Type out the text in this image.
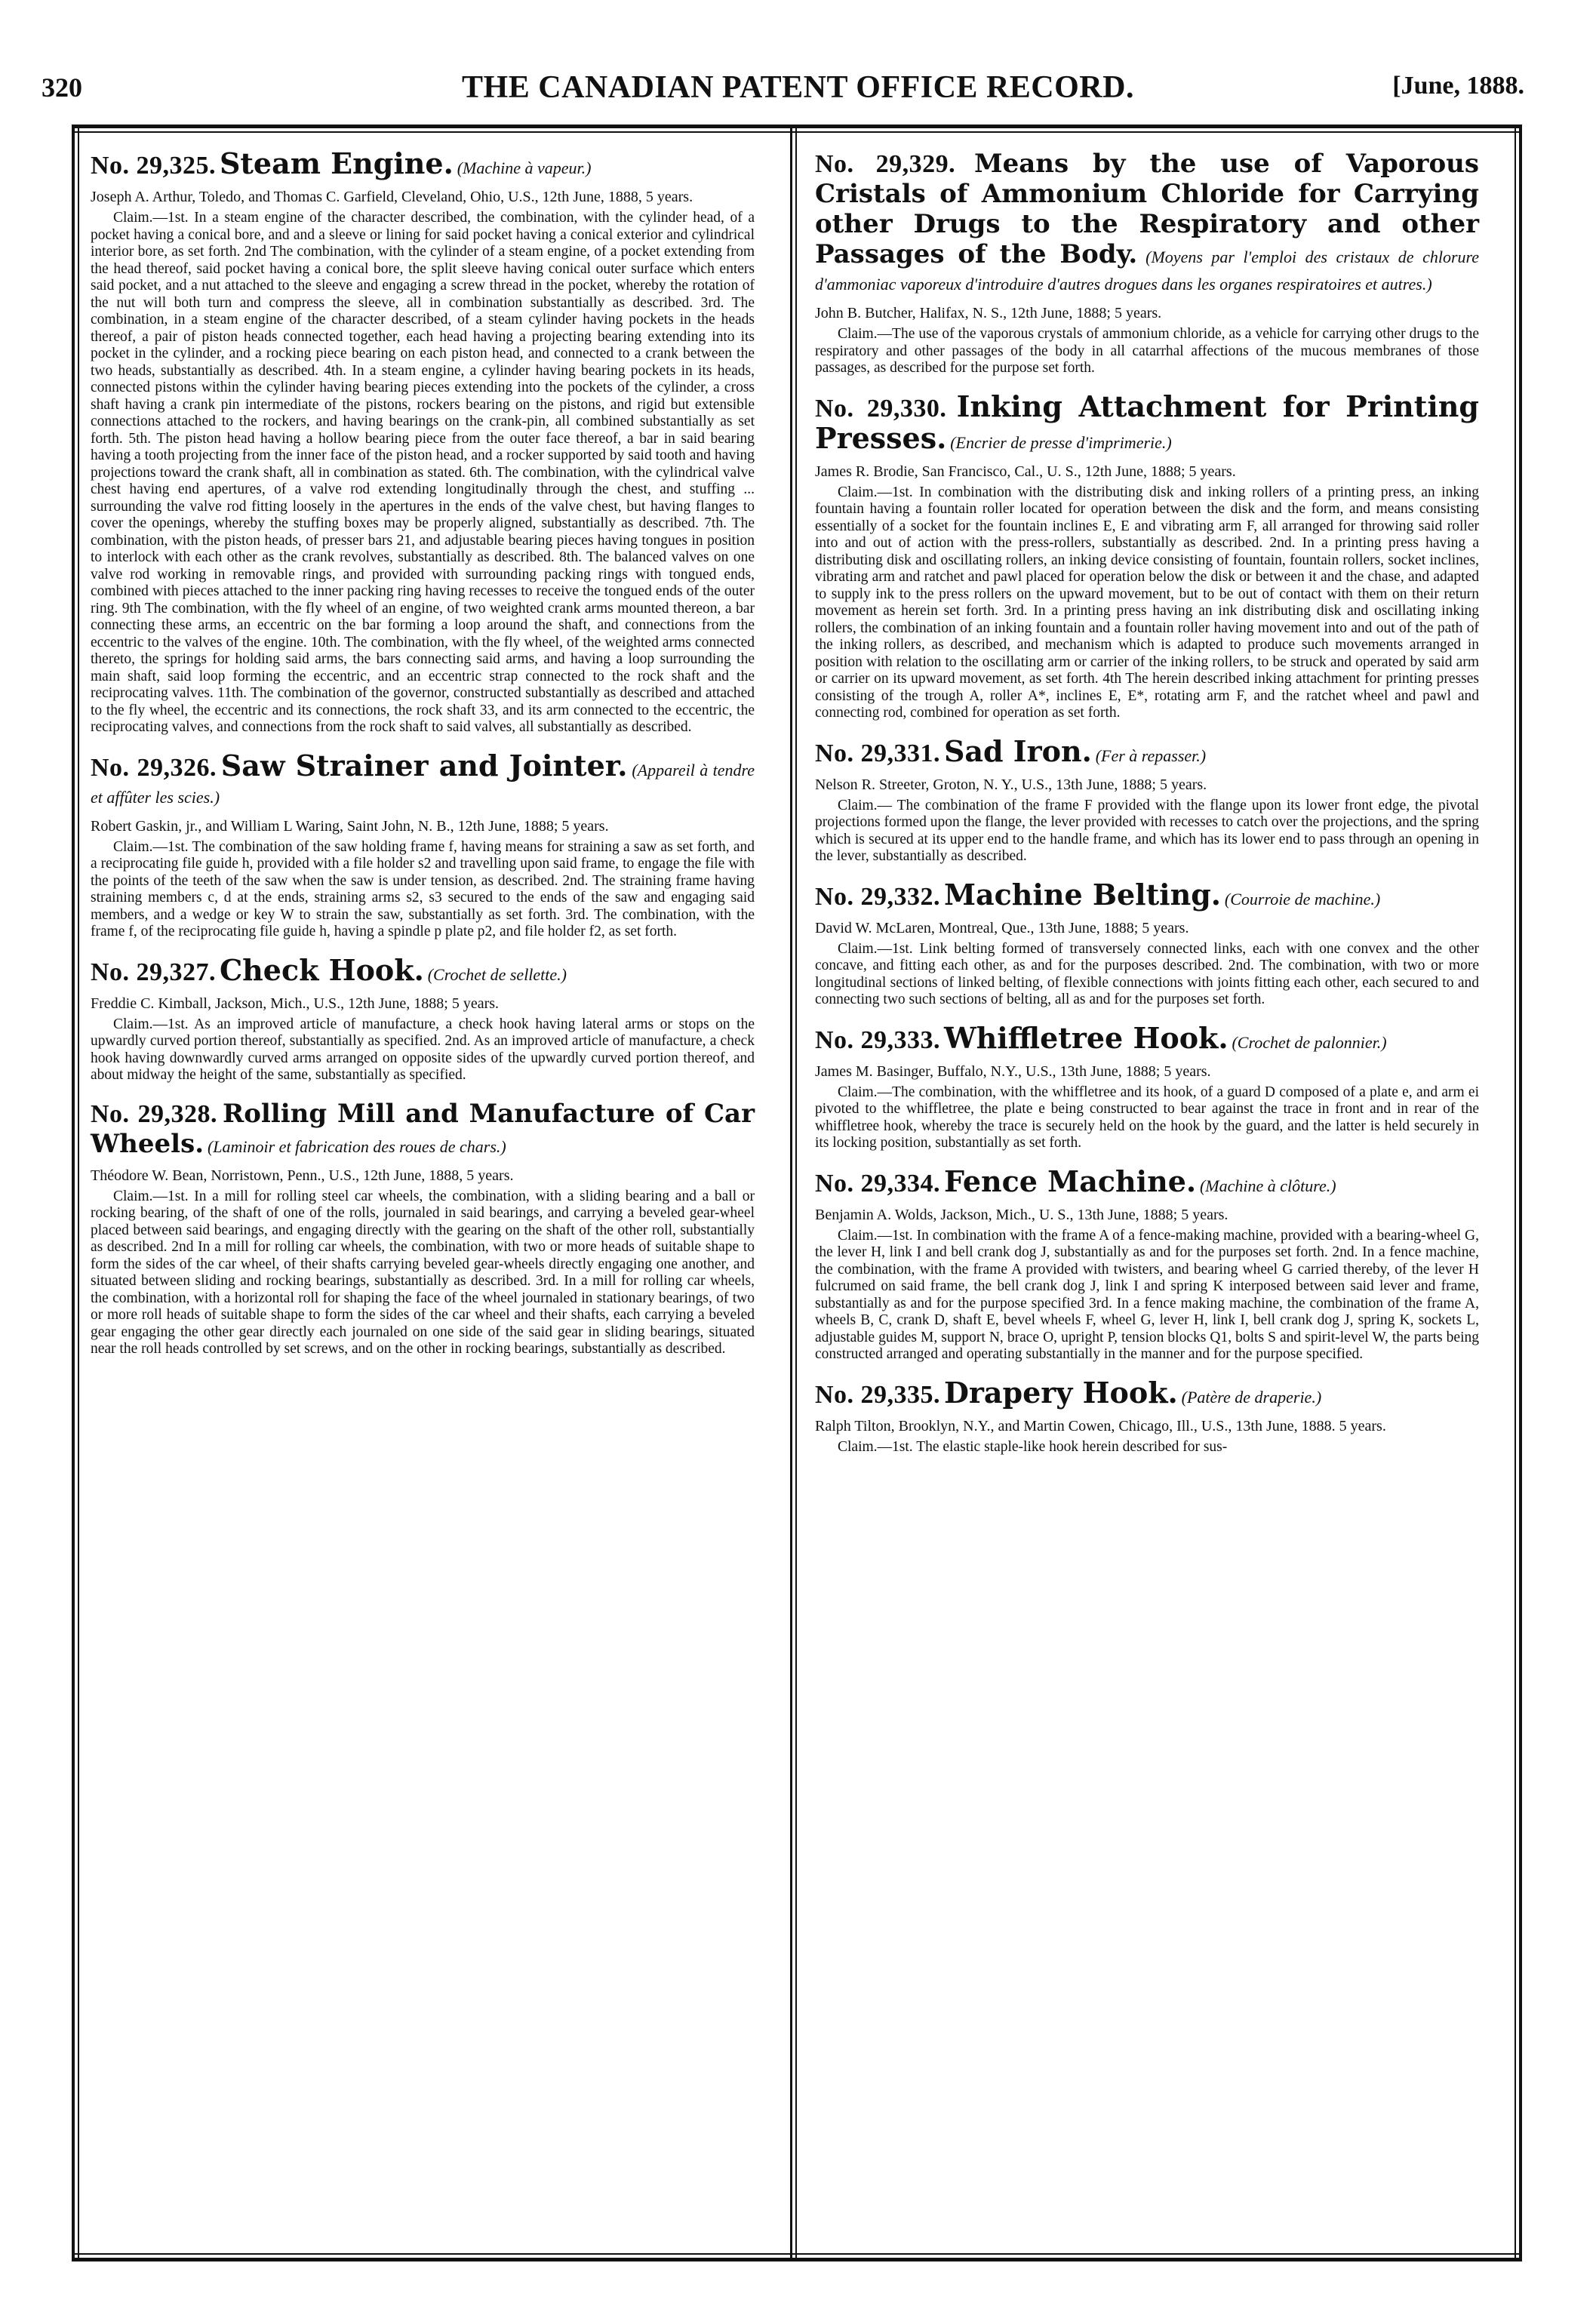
320	THE CANADIAN PATENT OFFICE RECORD.	[June, 1888.
No. 29,325. Steam Engine. (Machine à vapeur.)
Joseph A. Arthur, Toledo, and Thomas C. Garfield, Cleveland, Ohio, U.S., 12th June, 1888, 5 years.

Claim.—1st. In a steam engine of the character described, the combination, with the cylinder head, of a pocket having a conical bore, and and a sleeve or lining for said pocket having a conical exterior and cylindrical interior bore, as set forth. 2nd The combination, with the cylinder of a steam engine, of a pocket extending from the head thereof, said pocket having a conical bore, the split sleeve having conical outer surface which enters said pocket, and a nut attached to the sleeve and engaging a screw thread in the pocket, whereby the rotation of the nut will both turn and compress the sleeve, all in combination substantially as described. 3rd. The combination, in a steam engine of the character described, of a steam cylinder having pockets in the heads thereof, a pair of piston heads connected together, each head having a projecting bearing extending into its pocket in the cylinder, and a rocking piece bearing on each piston head, and connected to a crank between the two heads, substantially as described. 4th. In a steam engine, a cylinder having bearing pockets in its heads, connected pistons within the cylinder having bearing pieces extending into the pockets of the cylinder, a cross shaft having a crank pin intermediate of the pistons, rockers bearing on the pistons, and rigid but extensible connections attached to the rockers, and having bearings on the crank-pin, all combined substantially as set forth. 5th. The piston head having a hollow bearing piece from the outer face thereof, a bar in said bearing having a tooth projecting from the inner face of the piston head, and a rocker supported by said tooth and having projections toward the crank shaft, all in combination as stated. 6th. The combination, with the cylindrical valve chest having end apertures, of a valve rod extending longitudinally through the chest, and stuffing ... surrounding the valve rod fitting loosely in the apertures in the ends of the valve chest, but having flanges to cover the openings, whereby the stuffing boxes may be properly aligned, substantially as described. 7th. The combination, with the piston heads, of presser bars 21, and adjustable bearing pieces having tongues in position to interlock with each other as the crank revolves, substantially as described. 8th. The balanced valves on one valve rod working in removable rings, and provided with surrounding packing rings with tongued ends, combined with pieces attached to the inner packing ring having recesses to receive the tongued ends of the outer ring. 9th The combination, with the fly wheel of an engine, of two weighted crank arms mounted thereon, a bar connecting these arms, an eccentric on the bar forming a loop around the shaft, and connections from the eccentric to the valves of the engine. 10th. The combination, with the fly wheel, of the weighted arms connected thereto, the springs for holding said arms, the bars connecting said arms, and having a loop surrounding the main shaft, said loop forming the eccentric, and an eccentric strap connected to the rock shaft and the reciprocating valves. 11th. The combination of the governor, constructed substantially as described and attached to the fly wheel, the eccentric and its connections, the rock shaft 33, and its arm connected to the eccentric, the reciprocating valves, and connections from the rock shaft to said valves, all substantially as described.

No. 29,326. Saw Strainer and Jointer. (Appareil à tendre et affûter les scies.)
Robert Gaskin, jr., and William L Waring, Saint John, N. B., 12th June, 1888; 5 years.

Claim.—1st. The combination of the saw holding frame f, having means for straining a saw as set forth, and a reciprocating file guide h, provided with a file holder s2 and travelling upon said frame, to engage the file with the points of the teeth of the saw when the saw is under tension, as described. 2nd. The straining frame having straining members c, d at the ends, straining arms s2, s3 secured to the ends of the saw and engaging said members, and a wedge or key W to strain the saw, substantially as set forth. 3rd. The combination, with the frame f, of the reciprocating file guide h, having a spindle p plate p2, and file holder f2, as set forth.

No. 29,327. Check Hook. (Crochet de sellette.)
Freddie C. Kimball, Jackson, Mich., U.S., 12th June, 1888; 5 years.

Claim.—1st. As an improved article of manufacture, a check hook having lateral arms or stops on the upwardly curved portion thereof, substantially as specified. 2nd. As an improved article of manufacture, a check hook having downwardly curved arms arranged on opposite sides of the upwardly curved portion thereof, and about midway the height of the same, substantially as specified.

No. 29,328. Rolling Mill and Manufacture of Car Wheels. (Laminoir et fabrication des roues de chars.)
Théodore W. Bean, Norristown, Penn., U.S., 12th June, 1888, 5 years.

Claim.—1st. In a mill for rolling steel car wheels, the combination, with a sliding bearing and a ball or rocking bearing, of the shaft of one of the rolls, journaled in said bearings, and carrying a beveled gear-wheel placed between said bearings, and engaging directly with the gearing on the shaft of the other roll, substantially as described. 2nd In a mill for rolling car wheels, the combination, with two or more heads of suitable shape to form the sides of the car wheel, of their shafts carrying beveled gear-wheels directly engaging one another, and situated between sliding and rocking bearings, substantially as described. 3rd. In a mill for rolling car wheels, the combination, with a horizontal roll for shaping the face of the wheel journaled in stationary bearings, of two or more roll heads of suitable shape to form the sides of the car wheel and their shafts, each carrying a beveled gear engaging the other gear directly each journaled on one side of the said gear in sliding bearings, situated near the roll heads controlled by set screws, and on the other in rocking bearings, substantially as described.

No. 29,329. Means by the use of Vaporous Cristals of Ammonium Chloride for Carrying other Drugs to the Respiratory and other Passages of the Body. (Moyens par l'emploi des cristaux de chlorure d'ammoniac vaporeux d'introduire d'autres drogues dans les organes respiratoires et autres.)
John B. Butcher, Halifax, N. S., 12th June, 1888; 5 years.

Claim.—The use of the vaporous crystals of ammonium chloride, as a vehicle for carrying other drugs to the respiratory and other passages of the body in all catarrhal affections of the mucous membranes of those passages, as described for the purpose set forth.

No. 29,330. Inking Attachment for Printing Presses. (Encrier de presse d'imprimerie.)
James R. Brodie, San Francisco, Cal., U. S., 12th June, 1888; 5 years.

Claim.—1st. In combination with the distributing disk and inking rollers of a printing press, an inking fountain having a fountain roller located for operation between the disk and the form, and means consisting essentially of a socket for the fountain inclines E, E and vibrating arm F, all arranged for throwing said roller into and out of action with the press-rollers, substantially as described. 2nd. In a printing press having a distributing disk and oscillating rollers, an inking device consisting of fountain, fountain rollers, socket inclines, vibrating arm and ratchet and pawl placed for operation below the disk or between it and the chase, and adapted to supply ink to the press rollers on the upward movement, but to be out of contact with them on their return movement as herein set forth. 3rd. In a printing press having an ink distributing disk and oscillating inking rollers, the combination of an inking fountain and a fountain roller having movement into and out of the path of the inking rollers, as described, and mechanism which is adapted to produce such movements arranged in position with relation to the oscillating arm or carrier of the inking rollers, to be struck and operated by said arm or carrier on its upward movement, as set forth. 4th The herein described inking attachment for printing presses consisting of the trough A, roller A*, inclines E, E*, rotating arm F, and the ratchet wheel and pawl and connecting rod, combined for operation as set forth.

No. 29,331. Sad Iron. (Fer à repasser.)
Nelson R. Streeter, Groton, N. Y., U.S., 13th June, 1888; 5 years.

Claim.— The combination of the frame F provided with the flange upon its lower front edge, the pivotal projections formed upon the flange, the lever provided with recesses to catch over the projections, and the spring which is secured at its upper end to the handle frame, and which has its lower end to pass through an opening in the lever, substantially as described.

No. 29,332. Machine Belting. (Courroie de machine.)
David W. McLaren, Montreal, Que., 13th June, 1888; 5 years.

Claim.—1st. Link belting formed of transversely connected links, each with one convex and the other concave, and fitting each other, as and for the purposes described. 2nd. The combination, with two or more longitudinal sections of linked belting, of flexible connections with joints fitting each other, each secured to and connecting two such sections of belting, all as and for the purposes set forth.

No. 29,333. Whiffletree Hook. (Crochet de palonnier.)
James M. Basinger, Buffalo, N.Y., U.S., 13th June, 1888; 5 years.

Claim.—The combination, with the whiffletree and its hook, of a guard D composed of a plate e, and arm ei pivoted to the whiffletree, the plate e being constructed to bear against the trace in front and in rear of the whiffletree hook, whereby the trace is securely held on the hook by the guard, and the latter is held securely in its locking position, substantially as set forth.

No. 29,334. Fence Machine. (Machine à clôture.)
Benjamin A. Wolds, Jackson, Mich., U. S., 13th June, 1888; 5 years.

Claim.—1st. In combination with the frame A of a fence-making machine, provided with a bearing-wheel G, the lever H, link I and bell crank dog J, substantially as and for the purposes set forth. 2nd. In a fence machine, the combination, with the frame A provided with twisters, and bearing wheel G carried thereby, of the lever H fulcrumed on said frame, the bell crank dog J, link I and spring K interposed between said lever and frame, substantially as and for the purpose specified 3rd. In a fence making machine, the combination of the frame A, wheels B, C, crank D, shaft E, bevel wheels F, wheel G, lever H, link I, bell crank dog J, spring K, sockets L, adjustable guides M, support N, brace O, upright P, tension blocks Q1, bolts S and spirit-level W, the parts being constructed arranged and operating substantially in the manner and for the purpose specified.

No. 29,335. Drapery Hook. (Patère de draperie.)
Ralph Tilton, Brooklyn, N.Y., and Martin Cowen, Chicago, Ill., U.S., 13th June, 1888. 5 years.

Claim.—1st. The elastic staple-like hook herein described for sus-
